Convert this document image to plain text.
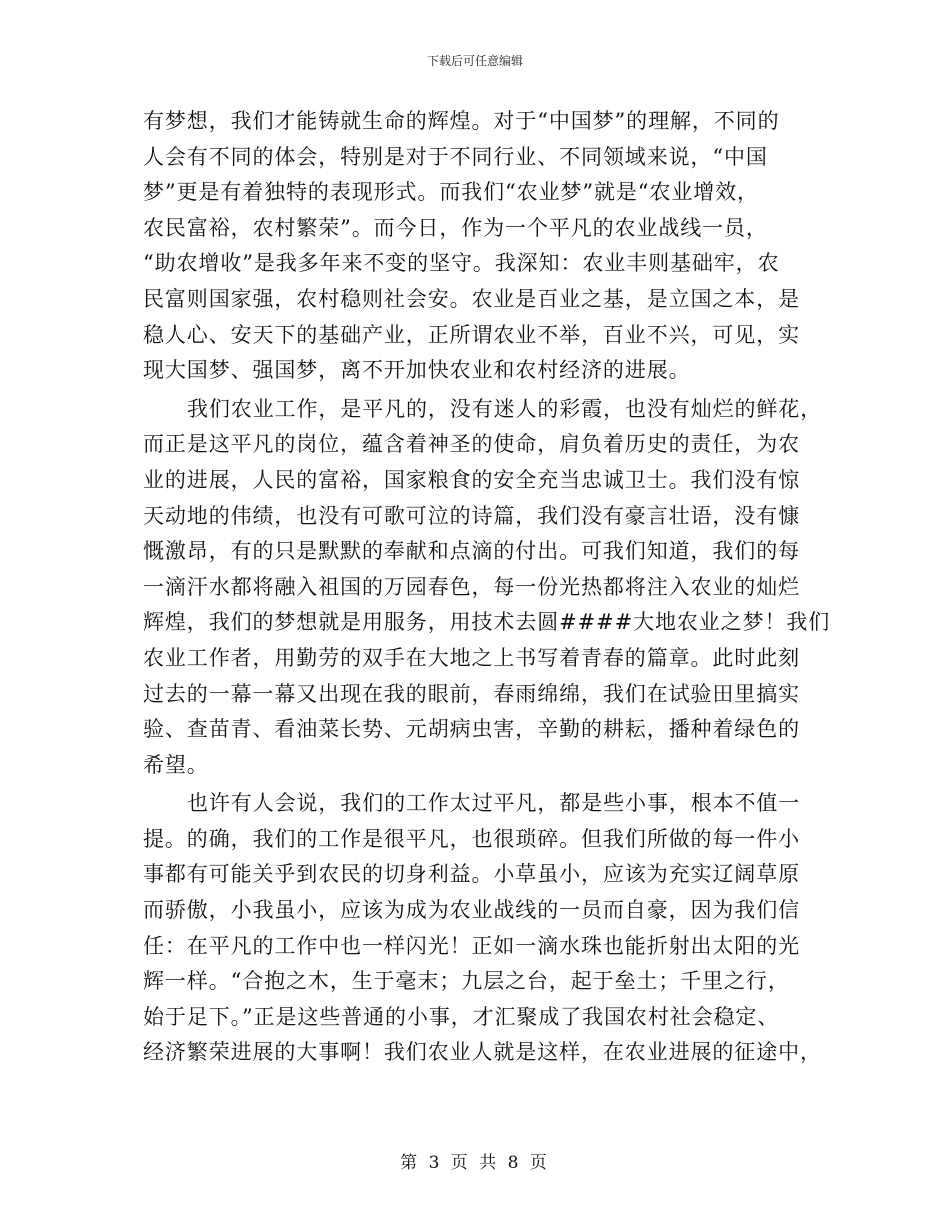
下载后可任意编辑
有梦想，我们才能铸就生命的辉煌。对于“中国梦”的理解，不同的
人会有不同的体会，特别是对于不同行业、不同领域来说，“中国
梦”更是有着独特的表现形式。而我们“农业梦”就是“农业增效，
农民富裕，农村繁荣”。而今日，作为一个平凡的农业战线一员，
“助农增收”是我多年来不变的坚守。我深知：农业丰则基础牢，农
民富则国家强，农村稳则社会安。农业是百业之基，是立国之本，是
稳人心、安天下的基础产业，正所谓农业不举，百业不兴，可见，实
现大国梦、强国梦，离不开加快农业和农村经济的进展。
我们农业工作，是平凡的，没有迷人的彩霞，也没有灿烂的鲜花，
而正是这平凡的岗位，蕴含着神圣的使命，肩负着历史的责任，为农
业的进展，人民的富裕，国家粮食的安全充当忠诚卫士。我们没有惊
天动地的伟绩，也没有可歌可泣的诗篇，我们没有豪言壮语，没有慷
慨激昂，有的只是默默的奉献和点滴的付出。可我们知道，我们的每
一滴汗水都将融入祖国的万园春色，每一份光热都将注入农业的灿烂
辉煌，我们的梦想就是用服务，用技术去圆####大地农业之梦！我们
农业工作者，用勤劳的双手在大地之上书写着青春的篇章。此时此刻
过去的一幕一幕又出现在我的眼前，春雨绵绵，我们在试验田里搞实
验、查苗青、看油菜长势、元胡病虫害，辛勤的耕耘，播种着绿色的
希望。
也许有人会说，我们的工作太过平凡，都是些小事，根本不值一
提。的确，我们的工作是很平凡，也很琐碎。但我们所做的每一件小
事都有可能关乎到农民的切身利益。小草虽小，应该为充实辽阔草原
而骄傲，小我虽小，应该为成为农业战线的一员而自豪，因为我们信
任：在平凡的工作中也一样闪光！正如一滴水珠也能折射出太阳的光
辉一样。“合抱之木，生于毫末；九层之台，起于垒土；千里之行，
始于足下。”正是这些普通的小事，才汇聚成了我国农村社会稳定、
经济繁荣进展的大事啊！我们农业人就是这样，在农业进展的征途中，
第 3 页 共 8 页
